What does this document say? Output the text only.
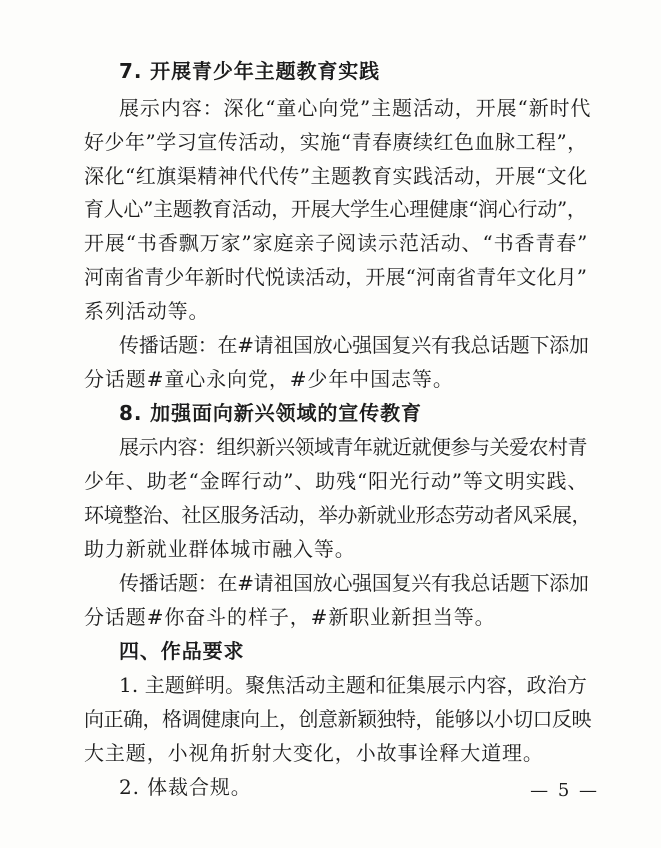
7. 开展青少年主题教育实践
展示内容：深化“童心向党”主题活动，开展“新时代
好少年”学习宣传活动，实施“青春赓续红色血脉工程”，
深化“红旗渠精神代代传”主题教育实践活动，开展“文化
育人心”主题教育活动，开展大学生心理健康“润心行动”，
开展“书香飘万家”家庭亲子阅读示范活动、“书香青春”
河南省青少年新时代悦读活动，开展“河南省青年文化月”
系列活动等。
传播话题：在#请祖国放心强国复兴有我总话题下添加
分话题#童心永向党，#少年中国志等。
8. 加强面向新兴领域的宣传教育
展示内容：组织新兴领域青年就近就便参与关爱农村青
少年、助老“金晖行动”、助残“阳光行动”等文明实践、
环境整治、社区服务活动，举办新就业形态劳动者风采展，
助力新就业群体城市融入等。
传播话题：在#请祖国放心强国复兴有我总话题下添加
分话题#你奋斗的样子，#新职业新担当等。
四、作品要求
1. 主题鲜明。聚焦活动主题和征集展示内容，政治方
向正确，格调健康向上，创意新颖独特，能够以小切口反映
大主题，小视角折射大变化，小故事诠释大道理。
2. 体裁合规。	— 5 —
